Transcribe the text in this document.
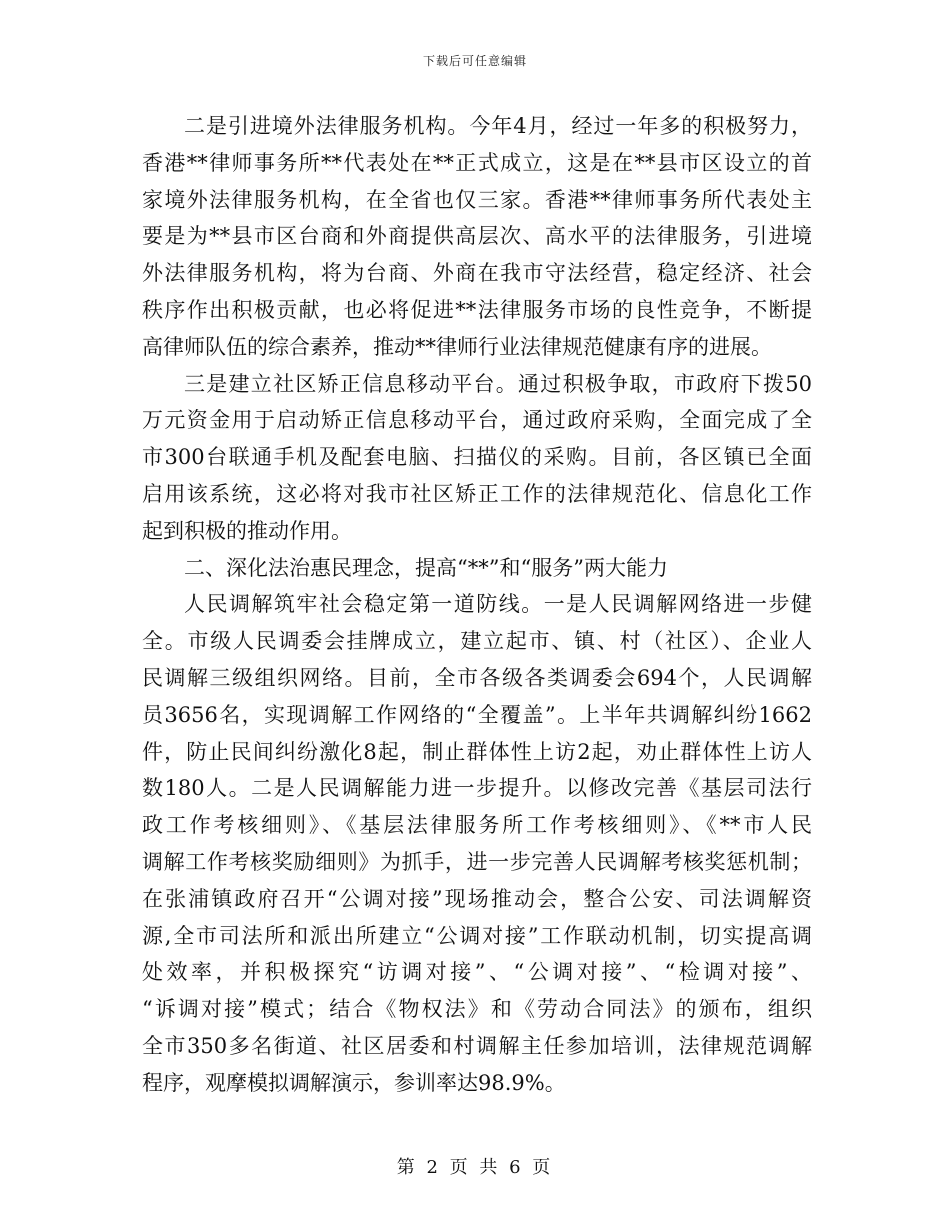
下载后可任意编辑
二是引进境外法律服务机构。今年4月，经过一年多的积极努力，
香港**律师事务所**代表处在**正式成立，这是在**县市区设立的首
家境外法律服务机构，在全省也仅三家。香港**律师事务所代表处主
要是为**县市区台商和外商提供高层次、高水平的法律服务，引进境
外法律服务机构，将为台商、外商在我市守法经营，稳定经济、社会
秩序作出积极贡献，也必将促进**法律服务市场的良性竞争，不断提
高律师队伍的综合素养，推动**律师行业法律规范健康有序的进展。
三是建立社区矫正信息移动平台。通过积极争取，市政府下拨50
万元资金用于启动矫正信息移动平台，通过政府采购，全面完成了全
市300台联通手机及配套电脑、扫描仪的采购。目前，各区镇已全面
启用该系统，这必将对我市社区矫正工作的法律规范化、信息化工作
起到积极的推动作用。
二、深化法治惠民理念，提高“**”和“服务”两大能力
人民调解筑牢社会稳定第一道防线。一是人民调解网络进一步健
全。市级人民调委会挂牌成立，建立起市、镇、村（社区）、企业人
民调解三级组织网络。目前，全市各级各类调委会694个，人民调解
员3656名，实现调解工作网络的“全覆盖”。上半年共调解纠纷1662
件，防止民间纠纷激化8起，制止群体性上访2起，劝止群体性上访人
数180人。二是人民调解能力进一步提升。以修改完善《基层司法行
政工作考核细则》、《基层法律服务所工作考核细则》、《**市人民
调解工作考核奖励细则》为抓手，进一步完善人民调解考核奖惩机制；
在张浦镇政府召开“公调对接”现场推动会，整合公安、司法调解资
源,全市司法所和派出所建立“公调对接”工作联动机制，切实提高调
处效率，并积极探究“访调对接”、“公调对接”、“检调对接”、
“诉调对接”模式；结合《物权法》和《劳动合同法》的颁布，组织
全市350多名街道、社区居委和村调解主任参加培训，法律规范调解
程序，观摩模拟调解演示，参训率达98.9%。
第 2 页 共 6 页
